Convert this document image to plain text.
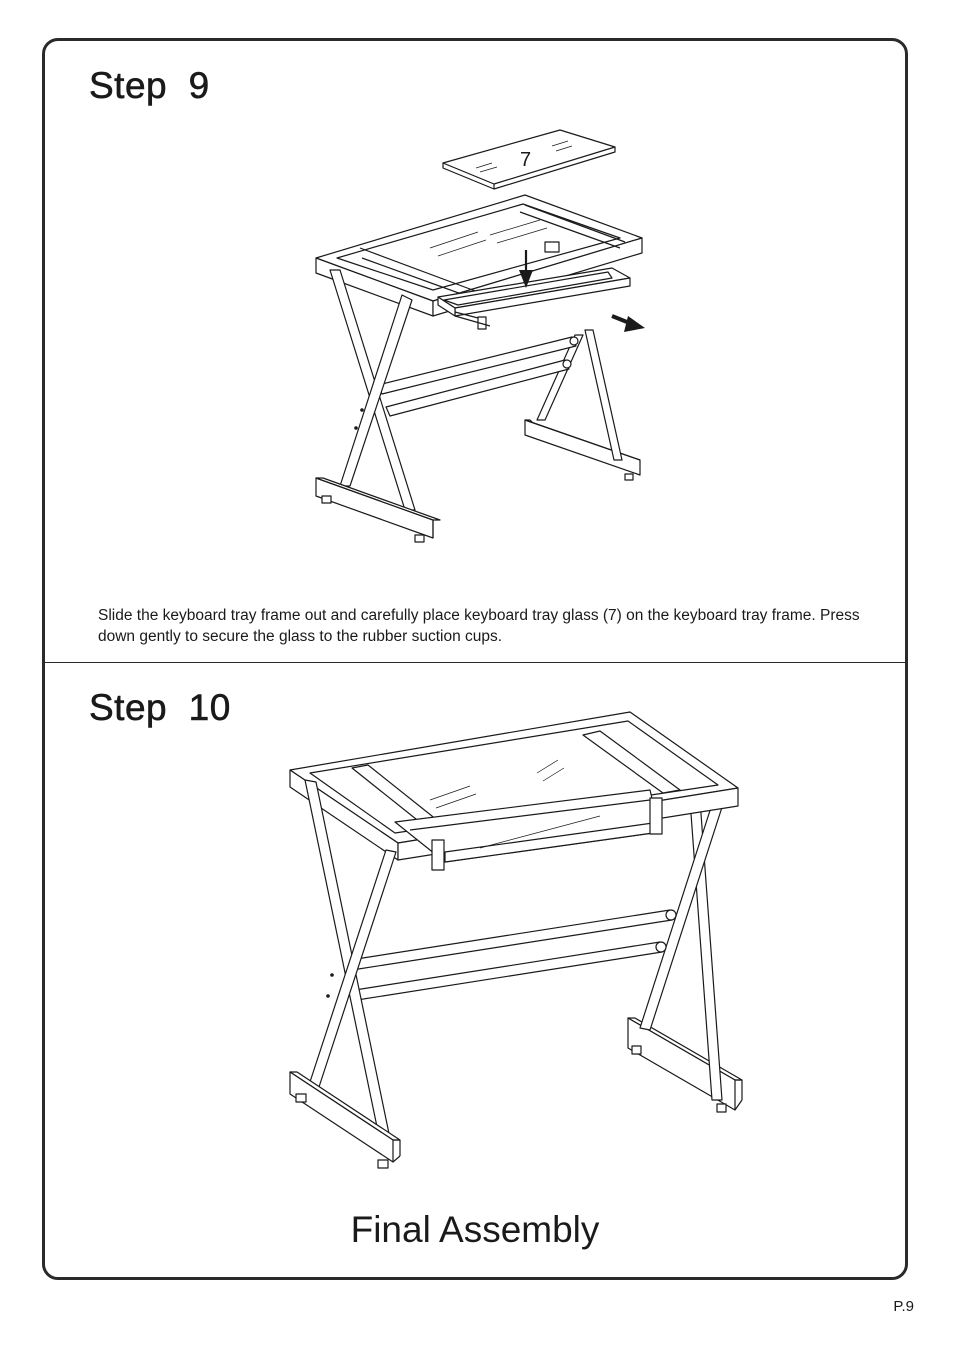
Step  9
Slide the keyboard tray frame out and carefully place keyboard tray glass (7) on the keyboard tray frame. Press down gently to secure the glass to the rubber suction cups.
Step  10
Final Assembly
7
P.9
